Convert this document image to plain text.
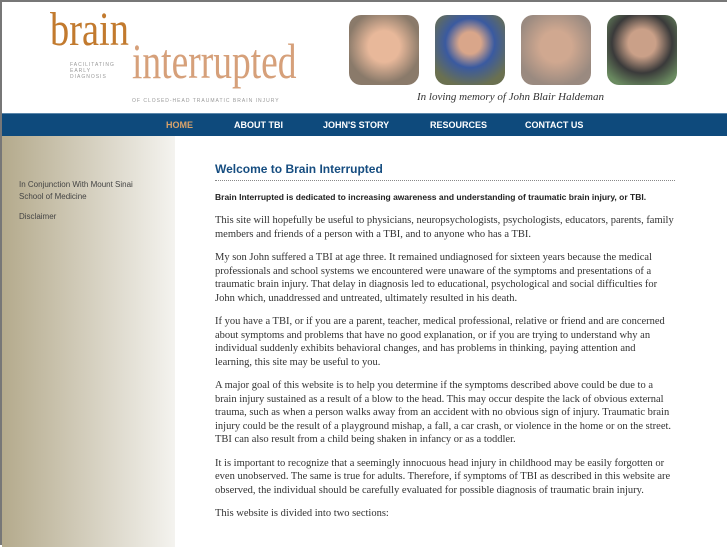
brain
interrupted
FACILITATING EARLY DIAGNOSIS
OF CLOSED-HEAD TRAUMATIC BRAIN INJURY	In loving memory of John Blair Haldeman
HOME	ABOUT TBI	JOHN'S STORY	RESOURCES	CONTACT US
In Conjunction With Mount Sinai School of Medicine
Disclaimer
Welcome to Brain Interrupted
Brain Interrupted is dedicated to increasing awareness and understanding of traumatic brain injury, or TBI.

This site will hopefully be useful to physicians, neuropsychologists, psychologists, educators, parents, family members and friends of a person with a TBI, and to anyone who has a TBI.

My son John suffered a TBI at age three. It remained undiagnosed for sixteen years because the medical professionals and school systems we encountered were unaware of the symptoms and presentations of a traumatic brain injury. That delay in diagnosis led to educational, psychological and social difficulties for John which, unaddressed and untreated, ultimately resulted in his death.

If you have a TBI, or if you are a parent, teacher, medical professional, relative or friend and are concerned about symptoms and problems that have no good explanation, or if you are trying to understand why an individual suddenly exhibits behavioral changes, and has problems in thinking, paying attention and learning, this site may be useful to you.

A major goal of this website is to help you determine if the symptoms described above could be due to a brain injury sustained as a result of a blow to the head. This may occur despite the lack of obvious external trauma, such as when a person walks away from an accident with no obvious sign of injury. Traumatic brain injury could be the result of a playground mishap, a fall, a car crash, or violence in the home or on the street. TBI can also result from a child being shaken in infancy or as a toddler.

It is important to recognize that a seemingly innocuous head injury in childhood may be easily forgotten or even unobserved. The same is true for adults. Therefore, if symptoms of TBI as described in this website are observed, the individual should be carefully evaluated for possible diagnosis of traumatic brain injury.

This website is divided into two sections:
